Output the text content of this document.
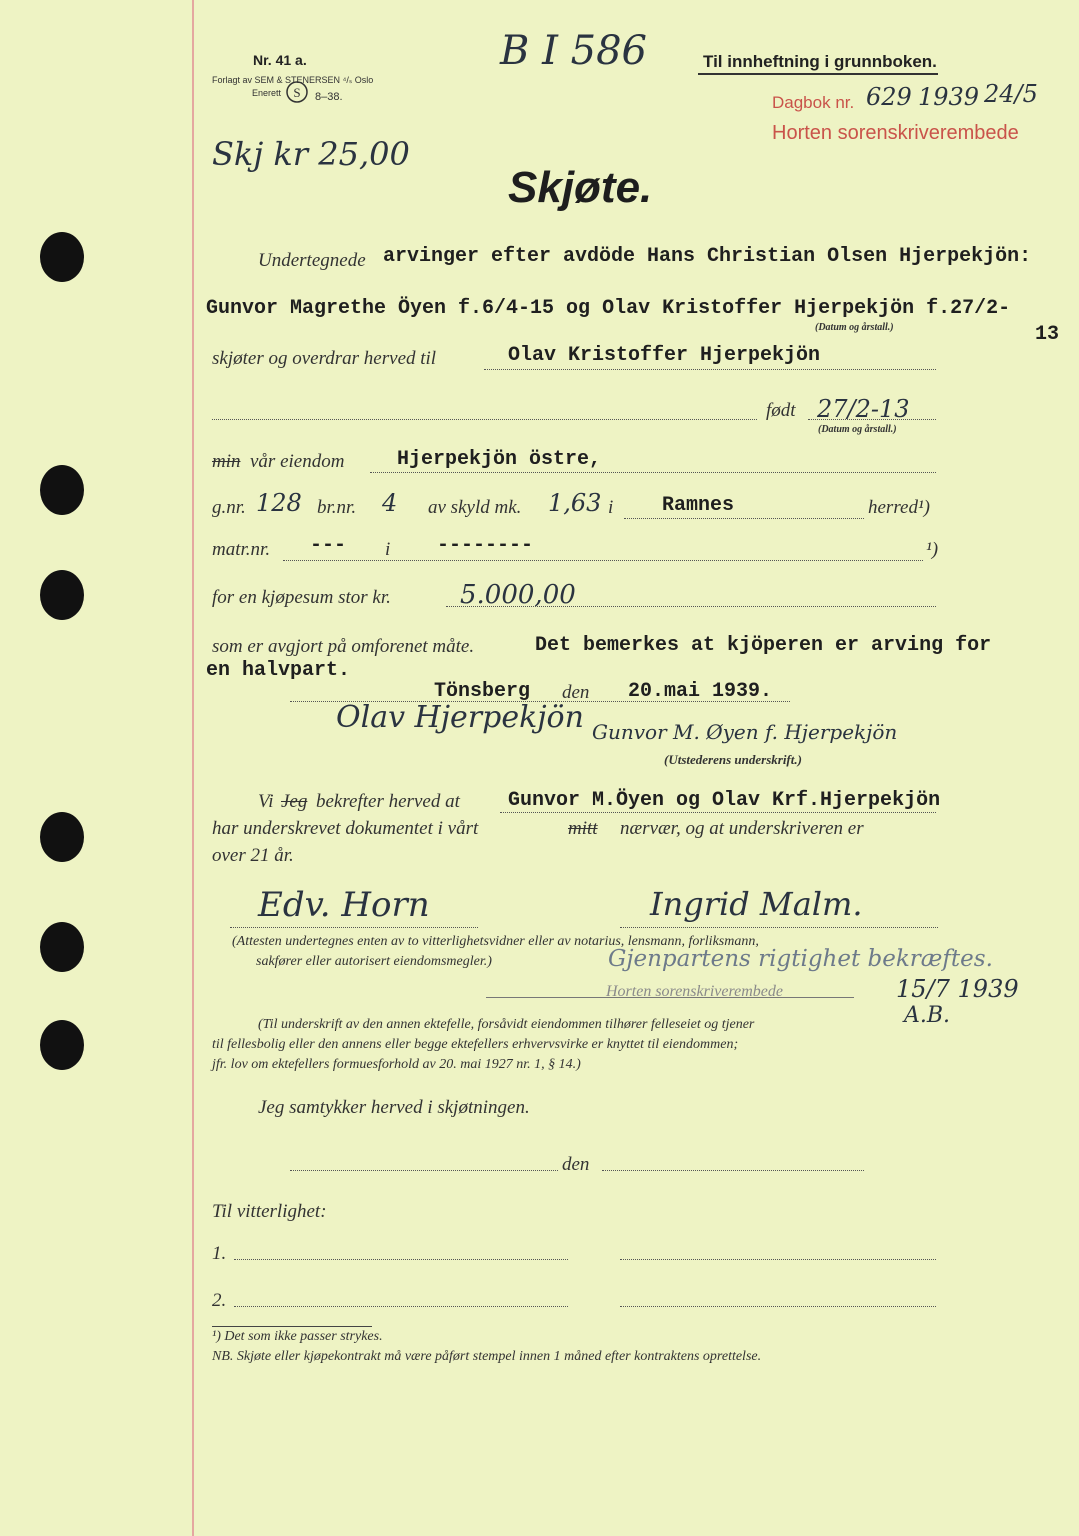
Nr. 41 a.
Forlagt av SEM & STENERSEN ⁴/ₛ Oslo
Enerett S 8–38.
B I 586	Til innheftning i grunnboken.
Dagbok nr. 629 1939 24/5
Horten sorenskriverembede
Skj kr 25,00
Skjøte.
Undertegnede arvinger efter avdöde Hans Christian Olsen Hjerpekjön:
Gunvor Magrethe Öyen f.6/4-15 og Olav Kristoffer Hjerpekjön f.27/2-
13
(Datum og årstall.)
skjøter og overdrar herved til	Olav Kristoffer Hjerpekjön
født 27/2-13
(Datum og årstall.)
min vår eiendom	Hjerpekjön östre,
g.nr. 128 br.nr. 4 av skyld mk. 1,63 i Ramnes	herred¹)
matr.nr. --- i --------	¹)
for en kjøpesum stor kr.	5.000,00
som er avgjort på omforenet måte.	Det bemerkes at kjöperen er arving for
en halvpart.
Tönsberg den 20.mai 1939.
Olav Hjerpekjön Gunvor M. Øyen f. Hjerpekjön
(Utstederens underskrift.)
Vi Jeg bekrefter herved at Gunvor M.Öyen og Olav Krf.Hjerpekjön
har underskrevet dokumentet i vårt	mitt nærvær, og at underskriveren er
over 21 år.
Edv. Horn	Ingrid Malm.
(Attesten undertegnes enten av to vitterlighetsvidner eller av notarius, lensmann, forliksmann,
sakfører eller autorisert eiendomsmegler.)	Gjenpartens rigtighet bekræftes.
Horten sorenskriverembede	15/7 1939
A.B.
(Til underskrift av den annen ektefelle, forsåvidt eiendommen tilhører felleseiet og tjener
til fellesbolig eller den annens eller begge ektefellers erhvervsvirke er knyttet til eiendommen;
jfr. lov om ektefellers formuesforhold av 20. mai 1927 nr. 1, § 14.)
Jeg samtykker herved i skjøtningen.
den
Til vitterlighet:
1.
2.
¹) Det som ikke passer strykes.
NB. Skjøte eller kjøpekontrakt må være påført stempel innen 1 måned efter kontraktens oprettelse.
